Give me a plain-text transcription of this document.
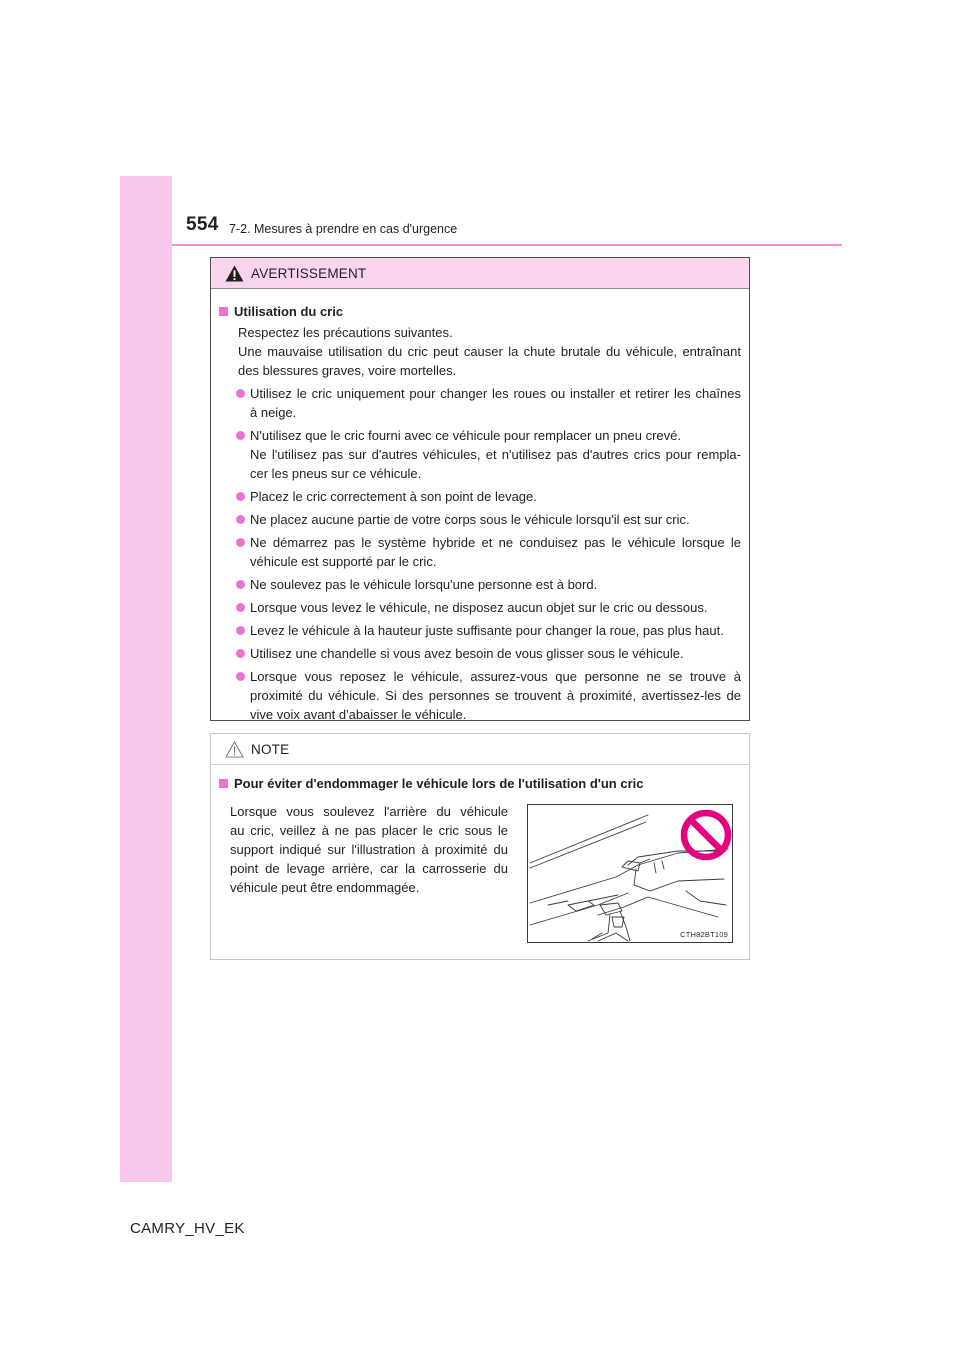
554 7-2. Mesures à prendre en cas d'urgence
AVERTISSEMENT
Utilisation du cric
Respectez les précautions suivantes.
Une mauvaise utilisation du cric peut causer la chute brutale du véhicule, entraînant
des blessures graves, voire mortelles.
Utilisez le cric uniquement pour changer les roues ou installer et retirer les chaînes
à neige.
N'utilisez que le cric fourni avec ce véhicule pour remplacer un pneu crevé.
Ne l'utilisez pas sur d'autres véhicules, et n'utilisez pas d'autres crics pour rempla-
cer les pneus sur ce véhicule.
Placez le cric correctement à son point de levage.
Ne placez aucune partie de votre corps sous le véhicule lorsqu'il est sur cric.
Ne démarrez pas le système hybride et ne conduisez pas le véhicule lorsque le
véhicule est supporté par le cric.
Ne soulevez pas le véhicule lorsqu'une personne est à bord.
Lorsque vous levez le véhicule, ne disposez aucun objet sur le cric ou dessous.
Levez le véhicule à la hauteur juste suffisante pour changer la roue, pas plus haut.
Utilisez une chandelle si vous avez besoin de vous glisser sous le véhicule.
Lorsque vous reposez le véhicule, assurez-vous que personne ne se trouve à
proximité du véhicule. Si des personnes se trouvent à proximité, avertissez-les de
vive voix avant d'abaisser le véhicule.
NOTE
Pour éviter d'endommager le véhicule lors de l'utilisation d'un cric
Lorsque vous soulevez l'arrière du véhicule
au cric, veillez à ne pas placer le cric sous le
support indiqué sur l'illustration à proximité du
point de levage arrière, car la carrosserie du
véhicule peut être endommagée.
CTH82BT109
CAMRY_HV_EK
